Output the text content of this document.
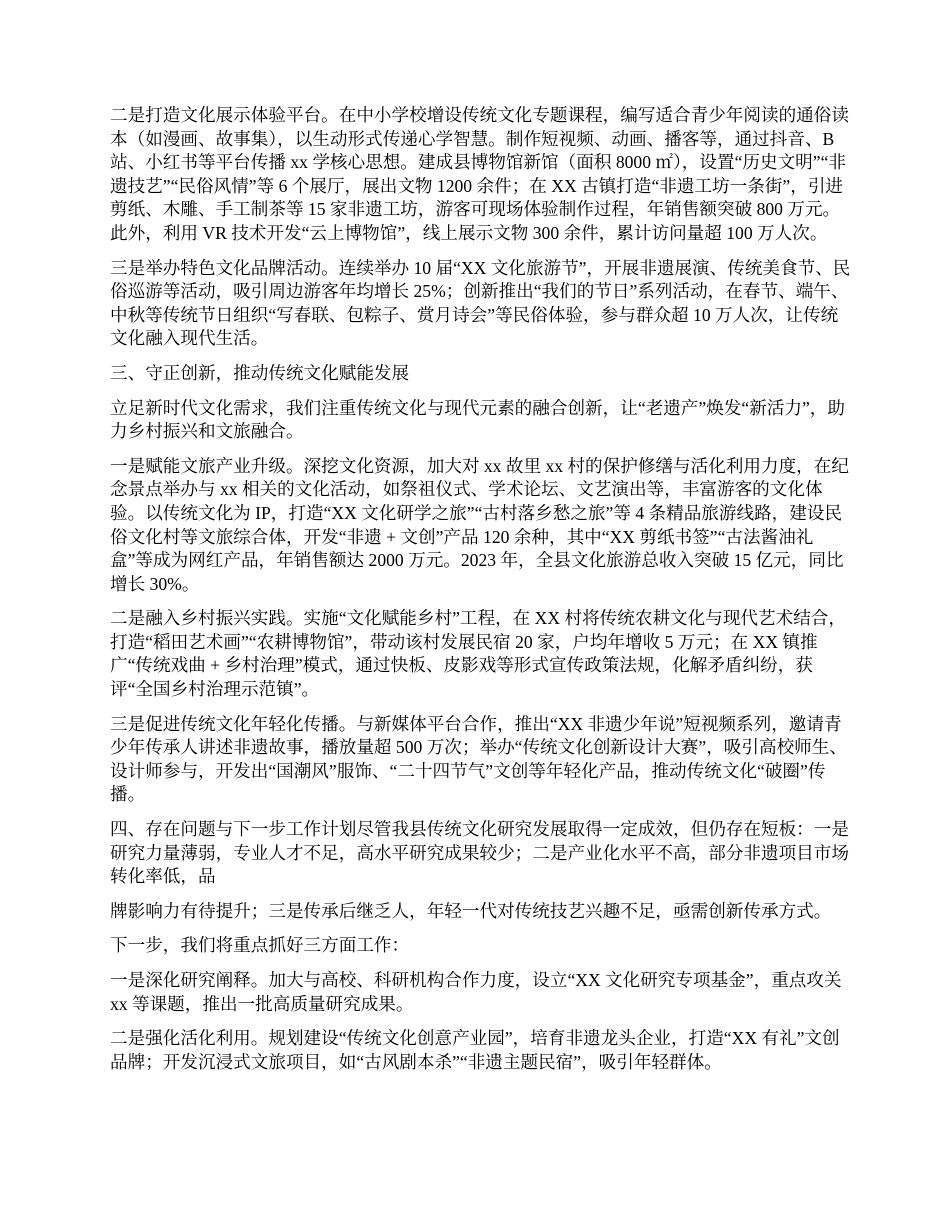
二是打造文化展示体验平台。在中小学校增设传统文化专题课程，编写适合青少年阅读的通俗读本（如漫画、故事集），以生动形式传递心学智慧。制作短视频、动画、播客等，通过抖音、B 站、小红书等平台传播 xx 学核心思想。建成县博物馆新馆（面积 8000 ㎡），设置“历史文明”“非遗技艺”“民俗风情”等 6 个展厅，展出文物 1200 余件；在 XX 古镇打造“非遗工坊一条街”，引进剪纸、木雕、手工制茶等 15 家非遗工坊，游客可现场体验制作过程，年销售额突破 800 万元。此外，利用 VR 技术开发“云上博物馆”，线上展示文物 300 余件，累计访问量超 100 万人次。

三是举办特色文化品牌活动。连续举办 10 届“XX 文化旅游节”，开展非遗展演、传统美食节、民俗巡游等活动，吸引周边游客年均增长 25%；创新推出“我们的节日”系列活动，在春节、端午、中秋等传统节日组织“写春联、包粽子、赏月诗会”等民俗体验，参与群众超 10 万人次，让传统文化融入现代生活。

三、守正创新，推动传统文化赋能发展

立足新时代文化需求，我们注重传统文化与现代元素的融合创新，让“老遗产”焕发“新活力”，助力乡村振兴和文旅融合。

一是赋能文旅产业升级。深挖文化资源，加大对 xx 故里 xx 村的保护修缮与活化利用力度，在纪念景点举办与 xx 相关的文化活动，如祭祖仪式、学术论坛、文艺演出等，丰富游客的文化体验。以传统文化为 IP，打造“XX 文化研学之旅”“古村落乡愁之旅”等 4 条精品旅游线路，建设民俗文化村等文旅综合体，开发“非遗 + 文创”产品 120 余种，其中“XX 剪纸书签”“古法酱油礼盒”等成为网红产品，年销售额达 2000 万元。2023 年，全县文化旅游总收入突破 15 亿元，同比增长 30%。

二是融入乡村振兴实践。实施“文化赋能乡村”工程，在 XX 村将传统农耕文化与现代艺术结合，打造“稻田艺术画”“农耕博物馆”，带动该村发展民宿 20 家，户均年增收 5 万元；在 XX 镇推广“传统戏曲 + 乡村治理”模式，通过快板、皮影戏等形式宣传政策法规，化解矛盾纠纷，获评“全国乡村治理示范镇”。

三是促进传统文化年轻化传播。与新媒体平台合作，推出“XX 非遗少年说”短视频系列，邀请青少年传承人讲述非遗故事，播放量超 500 万次；举办“传统文化创新设计大赛”，吸引高校师生、设计师参与，开发出“国潮风”服饰、“二十四节气”文创等年轻化产品，推动传统文化“破圈”传播。

四、存在问题与下一步工作计划尽管我县传统文化研究发展取得一定成效，但仍存在短板：一是研究力量薄弱，专业人才不足，高水平研究成果较少；二是产业化水平不高，部分非遗项目市场转化率低，品

牌影响力有待提升；三是传承后继乏人，年轻一代对传统技艺兴趣不足，亟需创新传承方式。

下一步，我们将重点抓好三方面工作：

一是深化研究阐释。加大与高校、科研机构合作力度，设立“XX 文化研究专项基金”，重点攻关 xx 等课题，推出一批高质量研究成果。

二是强化活化利用。规划建设“传统文化创意产业园”，培育非遗龙头企业，打造“XX 有礼”文创品牌；开发沉浸式文旅项目，如“古风剧本杀”“非遗主题民宿”，吸引年轻群体。
